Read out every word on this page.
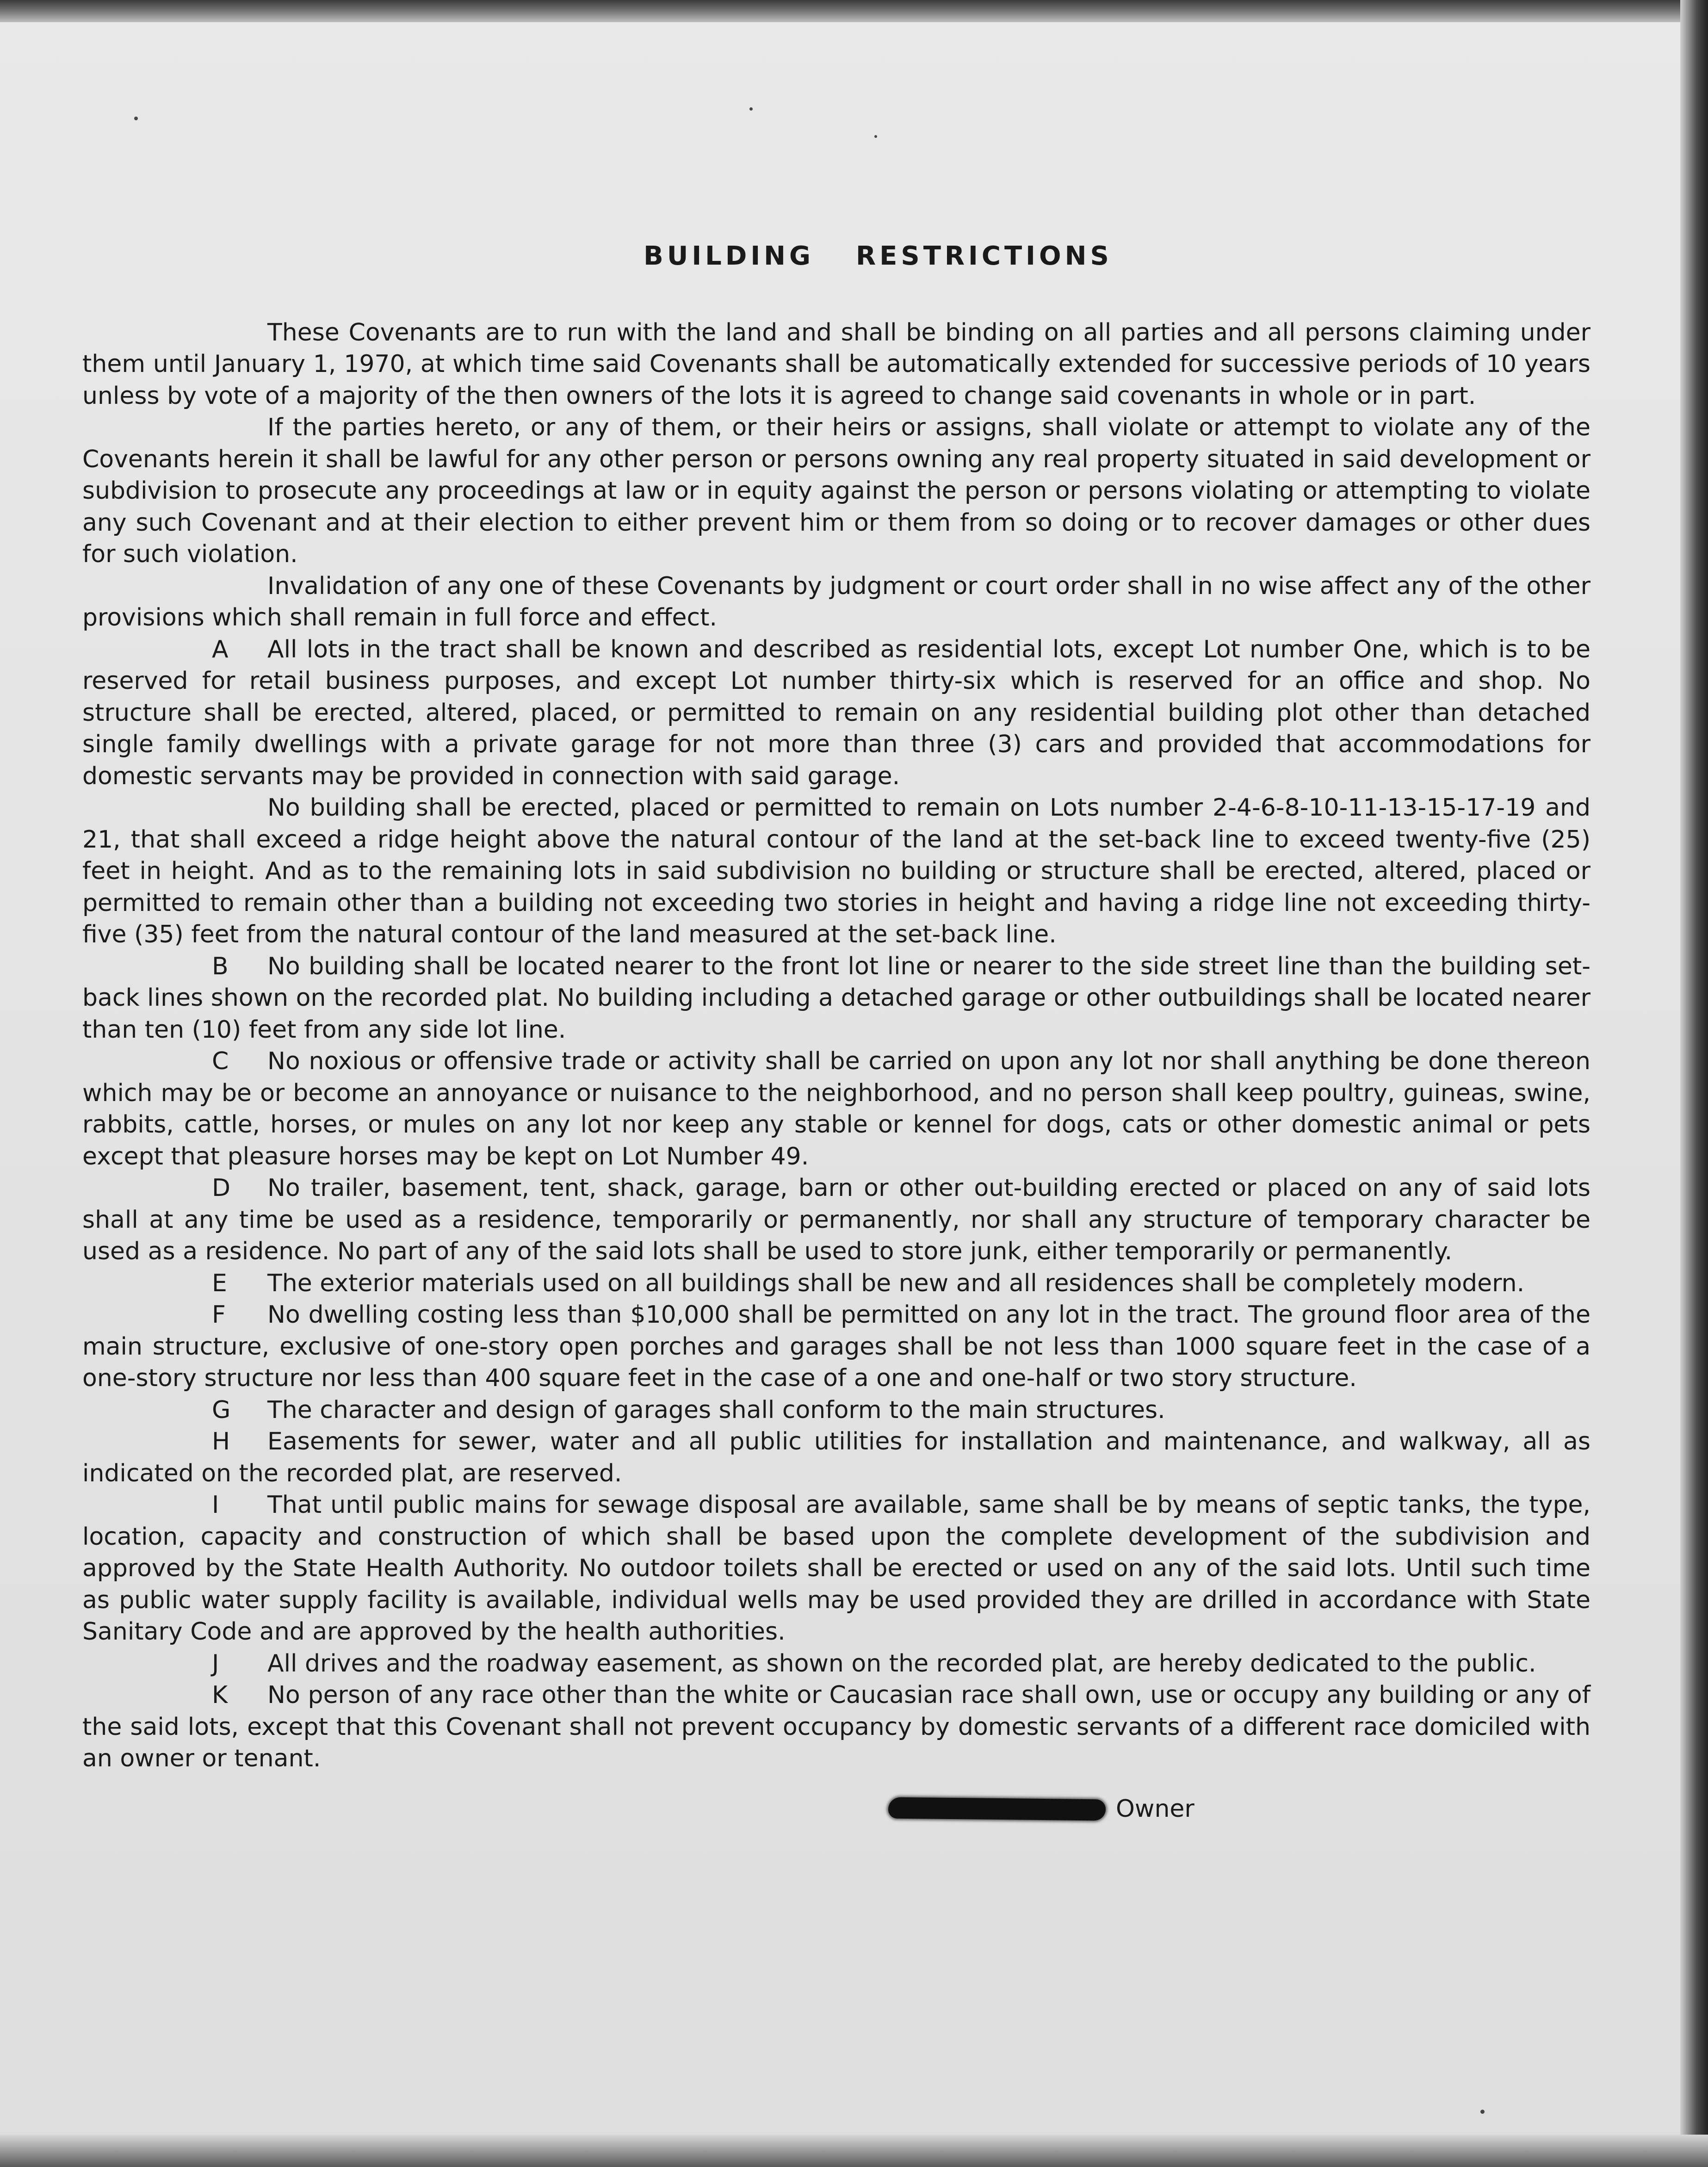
BUILDING RESTRICTIONS

These Covenants are to run with the land and shall be binding on all parties and all persons claiming under them until January 1, 1970, at which time said Covenants shall be automatically extended for successive periods of 10 years unless by vote of a majority of the then owners of the lots it is agreed to change said covenants in whole or in part.

If the parties hereto, or any of them, or their heirs or assigns, shall violate or attempt to violate any of the Covenants herein it shall be lawful for any other person or persons owning any real property situated in said development or subdivision to prosecute any proceedings at law or in equity against the person or persons violating or attempting to violate any such Covenant and at their election to either prevent him or them from so doing or to recover damages or other dues for such violation.

Invalidation of any one of these Covenants by judgment or court order shall in no wise affect any of the other provisions which shall remain in full force and effect.

A All lots in the tract shall be known and described as residential lots, except Lot number One, which is to be reserved for retail business purposes, and except Lot number thirty-six which is reserved for an office and shop. No structure shall be erected, altered, placed, or permitted to remain on any residential building plot other than detached single family dwellings with a private garage for not more than three (3) cars and provided that accommodations for domestic servants may be provided in connection with said garage.

No building shall be erected, placed or permitted to remain on Lots number 2-4-6-8-10-11-13-15-17-19 and 21, that shall exceed a ridge height above the natural contour of the land at the set-back line to exceed twenty-five (25) feet in height. And as to the remaining lots in said subdivision no building or structure shall be erected, altered, placed or permitted to remain other than a building not exceeding two stories in height and having a ridge line not exceeding thirty-five (35) feet from the natural contour of the land measured at the set-back line.

B No building shall be located nearer to the front lot line or nearer to the side street line than the building set-back lines shown on the recorded plat. No building including a detached garage or other outbuildings shall be located nearer than ten (10) feet from any side lot line.

C No noxious or offensive trade or activity shall be carried on upon any lot nor shall anything be done thereon which may be or become an annoyance or nuisance to the neighborhood, and no person shall keep poultry, guineas, swine, rabbits, cattle, horses, or mules on any lot nor keep any stable or kennel for dogs, cats or other domestic animal or pets except that pleasure horses may be kept on Lot Number 49.

D No trailer, basement, tent, shack, garage, barn or other out-building erected or placed on any of said lots shall at any time be used as a residence, temporarily or permanently, nor shall any structure of temporary character be used as a residence. No part of any of the said lots shall be used to store junk, either temporarily or permanently.

E The exterior materials used on all buildings shall be new and all residences shall be completely modern.

F No dwelling costing less than $10,000 shall be permitted on any lot in the tract. The ground floor area of the main structure, exclusive of one-story open porches and garages shall be not less than 1000 square feet in the case of a one-story structure nor less than 400 square feet in the case of a one and one-half or two story structure.

G The character and design of garages shall conform to the main structures.

H Easements for sewer, water and all public utilities for installation and maintenance, and walkway, all as indicated on the recorded plat, are reserved.

I That until public mains for sewage disposal are available, same shall be by means of septic tanks, the type, location, capacity and construction of which shall be based upon the complete development of the subdivision and approved by the State Health Authority. No outdoor toilets shall be erected or used on any of the said lots. Until such time as public water supply facility is available, individual wells may be used provided they are drilled in accordance with State Sanitary Code and are approved by the health authorities.

J All drives and the roadway easement, as shown on the recorded plat, are hereby dedicated to the public.

K No person of any race other than the white or Caucasian race shall own, use or occupy any building or any of the said lots, except that this Covenant shall not prevent occupancy by domestic servants of a different race domiciled with an owner or tenant.

Owner
